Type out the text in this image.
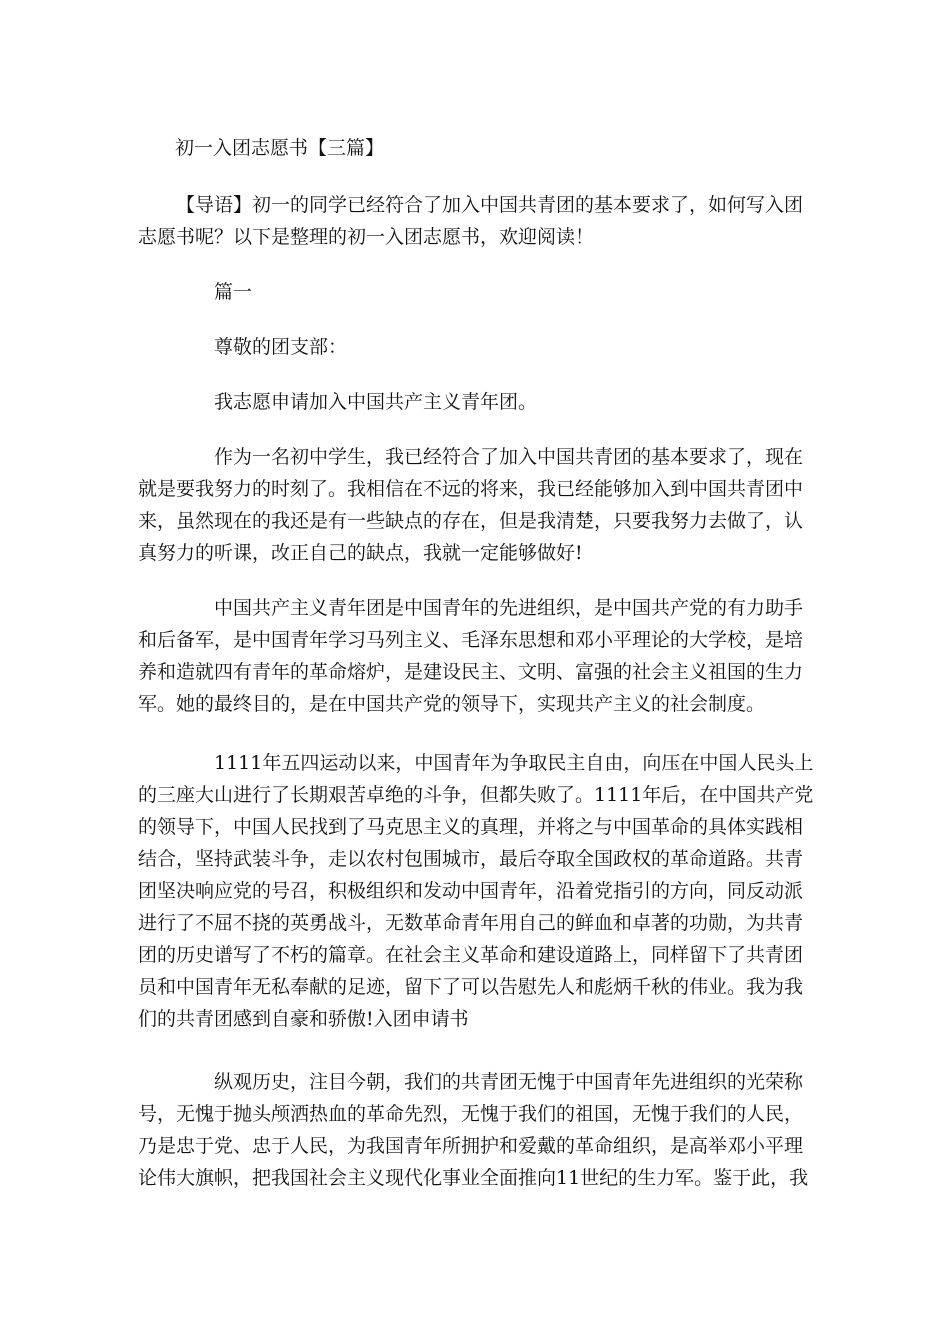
初一入团志愿书【三篇】
【导语】初一的同学已经符合了加入中国共青团的基本要求了，如何写入团
志愿书呢？以下是整理的初一入团志愿书，欢迎阅读！
篇一
尊敬的团支部：
我志愿申请加入中国共产主义青年团。
作为一名初中学生，我已经符合了加入中国共青团的基本要求了，现在
就是要我努力的时刻了。我相信在不远的将来，我已经能够加入到中国共青团中
来，虽然现在的我还是有一些缺点的存在，但是我清楚，只要我努力去做了，认
真努力的听课，改正自己的缺点，我就一定能够做好!
中国共产主义青年团是中国青年的先进组织，是中国共产党的有力助手
和后备军，是中国青年学习马列主义、毛泽东思想和邓小平理论的大学校，是培
养和造就四有青年的革命熔炉，是建设民主、文明、富强的社会主义祖国的生力
军。她的最终目的，是在中国共产党的领导下，实现共产主义的社会制度。
1111年五四运动以来，中国青年为争取民主自由，向压在中国人民头上
的三座大山进行了长期艰苦卓绝的斗争，但都失败了。1111年后，在中国共产党
的领导下，中国人民找到了马克思主义的真理，并将之与中国革命的具体实践相
结合，坚持武装斗争，走以农村包围城市，最后夺取全国政权的革命道路。共青
团坚决响应党的号召，积极组织和发动中国青年，沿着党指引的方向，同反动派
进行了不屈不挠的英勇战斗，无数革命青年用自己的鲜血和卓著的功勋，为共青
团的历史谱写了不朽的篇章。在社会主义革命和建设道路上，同样留下了共青团
员和中国青年无私奉献的足迹，留下了可以告慰先人和彪炳千秋的伟业。我为我
们的共青团感到自豪和骄傲!入团申请书
纵观历史，注目今朝，我们的共青团无愧于中国青年先进组织的光荣称
号，无愧于抛头颅洒热血的革命先烈，无愧于我们的祖国，无愧于我们的人民，
乃是忠于党、忠于人民，为我国青年所拥护和爱戴的革命组织，是高举邓小平理
论伟大旗帜，把我国社会主义现代化事业全面推向11世纪的生力军。鉴于此，我
